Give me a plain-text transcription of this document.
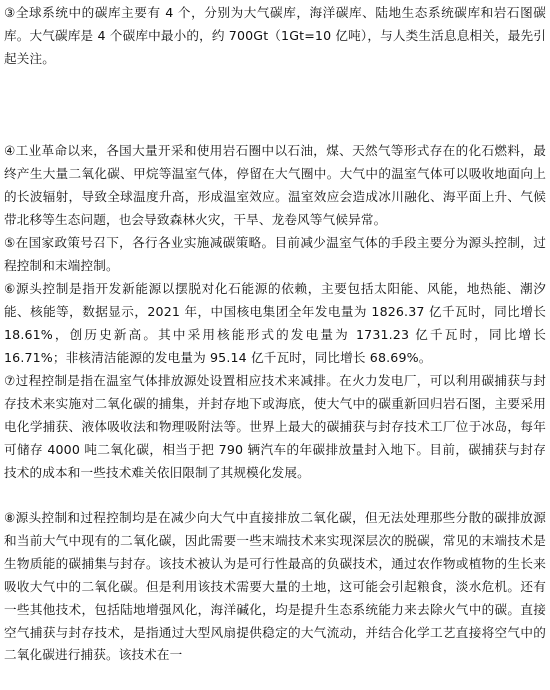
③全球系统中的碳库主要有 4 个，分别为大气碳库，海洋碳库、陆地生态系统碳库和岩石图碳库。大气碳库是 4 个碳库中最小的，约 700Gt（1Gt=10 亿吨），与人类生活息息相关，最先引起关注。

④工业革命以来，各国大量开采和使用岩石圈中以石油，煤、天然气等形式存在的化石燃料，最终产生大量二氧化碳、甲烷等温室气体，停留在大气圈中。大气中的温室气体可以吸收地面向上的长波辐射，导致全球温度升高，形成温室效应。温室效应会造成冰川融化、海平面上升、气候带北移等生态问题，也会导致森林火灾，干旱、龙卷风等气候异常。

⑤在国家政策号召下，各行各业实施减碳策略。目前减少温室气体的手段主要分为源头控制，过程控制和末端控制。

⑥源头控制是指开发新能源以摆脱对化石能源的依赖，主要包括太阳能、风能，地热能、潮汐能、核能等，数据显示，2021 年，中国核电集团全年发电量为 1826.37 亿千瓦时，同比增长 18.61%，创历史新高。其中采用核能形式的发电量为 1731.23 亿千瓦时，同比增长 16.71%；非核清洁能源的发电量为 95.14 亿千瓦时，同比增长 68.69%。

⑦过程控制是指在温室气体排放源处设置相应技术来减排。在火力发电厂，可以利用碳捕获与封存技术来实施对二氧化碳的捕集，并封存地下或海底，使大气中的碳重新回归岩石图，主要采用电化学捕获、液体吸收法和物理吸附法等。世界上最大的碳捕获与封存技术工厂位于冰岛，每年可储存 4000 吨二氧化碳，相当于把 790 辆汽车的年碳排放量封入地下。目前，碳捕获与封存技术的成本和一些技术难关依旧限制了其规模化发展。

⑧源头控制和过程控制均是在减少向大气中直接排放二氧化碳，但无法处理那些分散的碳排放源和当前大气中现有的二氧化碳，因此需要一些末端技术来实现深层次的脱碳，常见的末端技术是生物质能的碳捕集与封存。该技术被认为是可行性最高的负碳技术，通过农作物或植物的生长来吸收大气中的二氧化碳。但是利用该技术需要大量的土地，这可能会引起粮食，淡水危机。还有一些其他技术，包括陆地增强风化，海洋碱化，均是提升生态系统能力来去除火气中的碳。直接空气捕获与封存技术，是指通过大型风扇提供稳定的大气流动，并结合化学工艺直接将空气中的二氧化碳进行捕获。该技术在一
